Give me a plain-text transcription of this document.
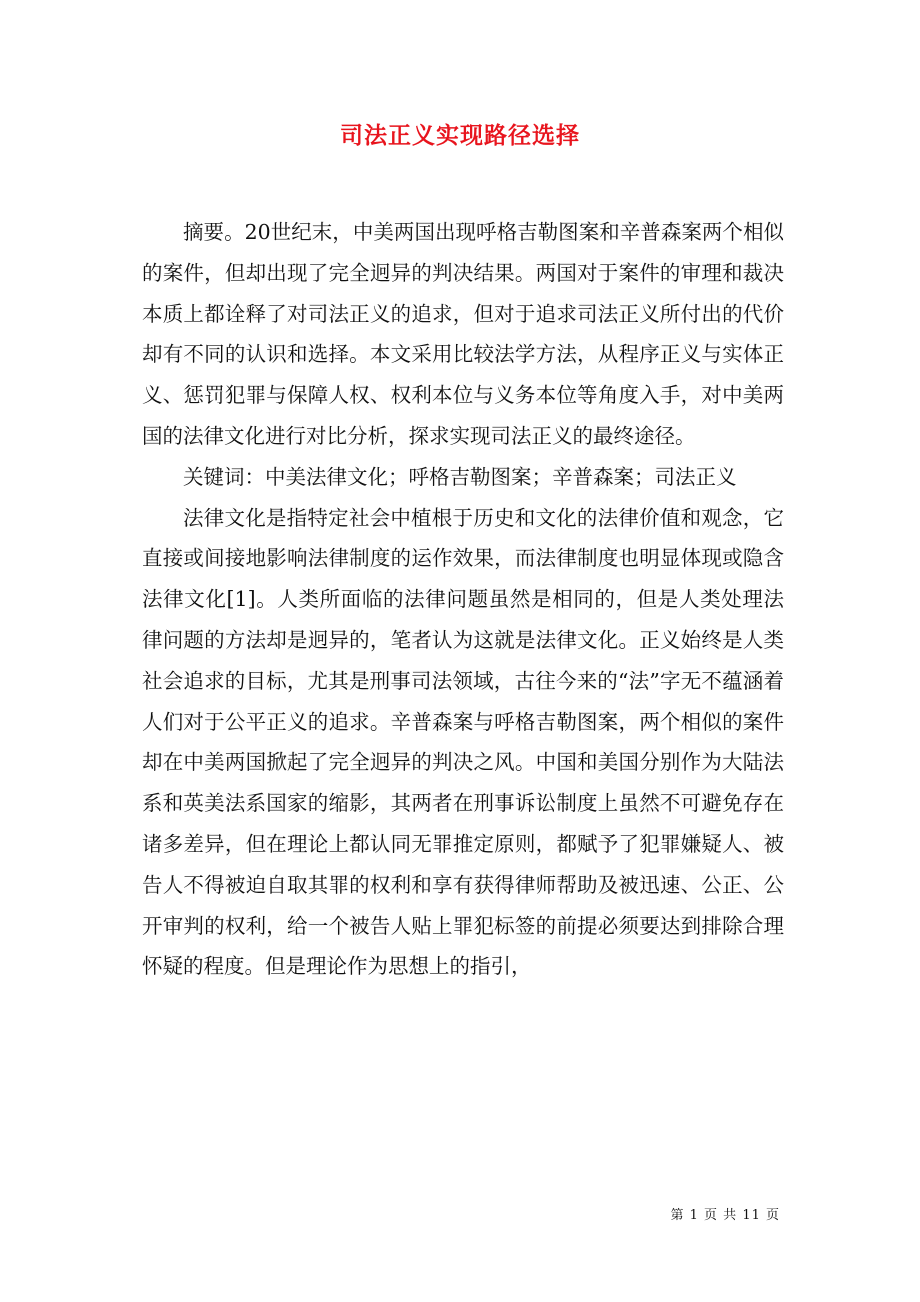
司法正义实现路径选择

摘要。20世纪末，中美两国出现呼格吉勒图案和辛普森案两个相似的案件，但却出现了完全迥异的判决结果。两国对于案件的审理和裁决本质上都诠释了对司法正义的追求，但对于追求司法正义所付出的代价却有不同的认识和选择。本文采用比较法学方法，从程序正义与实体正义、惩罚犯罪与保障人权、权利本位与义务本位等角度入手，对中美两国的法律文化进行对比分析，探求实现司法正义的最终途径。

关键词：中美法律文化；呼格吉勒图案；辛普森案；司法正义

法律文化是指特定社会中植根于历史和文化的法律价值和观念，它直接或间接地影响法律制度的运作效果，而法律制度也明显体现或隐含法律文化[1]。人类所面临的法律问题虽然是相同的，但是人类处理法律问题的方法却是迥异的，笔者认为这就是法律文化。正义始终是人类社会追求的目标，尤其是刑事司法领域，古往今来的“法”字无不蕴涵着人们对于公平正义的追求。辛普森案与呼格吉勒图案，两个相似的案件却在中美两国掀起了完全迥异的判决之风。中国和美国分别作为大陆法系和英美法系国家的缩影，其两者在刑事诉讼制度上虽然不可避免存在诸多差异，但在理论上都认同无罪推定原则，都赋予了犯罪嫌疑人、被告人不得被迫自取其罪的权利和享有获得律师帮助及被迅速、公正、公开审判的权利，给一个被告人贴上罪犯标签的前提必须要达到排除合理怀疑的程度。但是理论作为思想上的指引，

第 1 页 共 11 页
